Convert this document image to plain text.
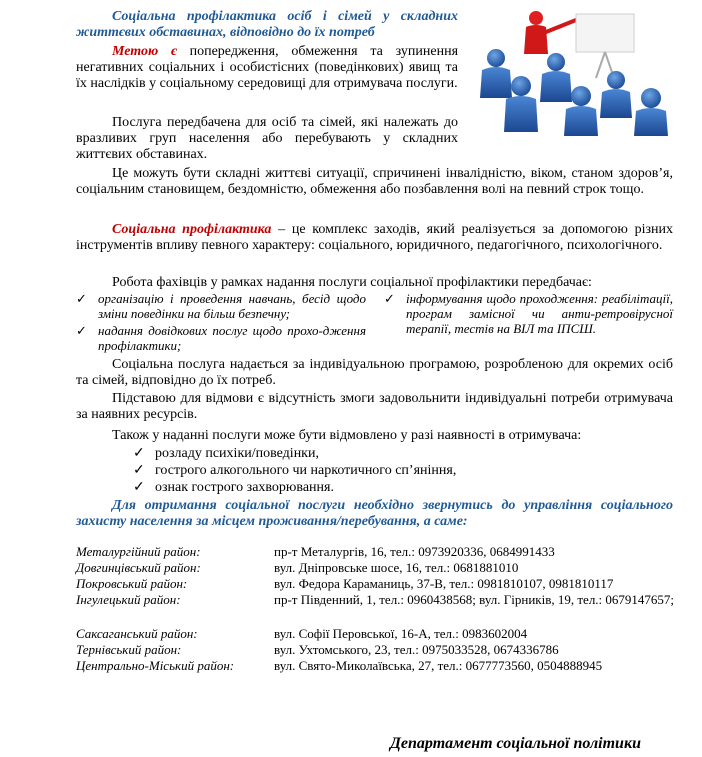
Соціальна профілактика осіб і сімей у складних життєвих обставинах, відповідно до їх потреб

Метою є попередження, обмеження та зупинення негативних соціальних і особистісних (поведінкових) явищ та їх наслідків у соціальному середовищі для отримувача послуги.

Послуга передбачена для осіб та сімей, які належать до вразливих груп населення або перебувають у складних життєвих обставинах.

Це можуть бути складні життєві ситуації, спричинені інвалідністю, віком, станом здоров’я, соціальним становищем, бездомністю, обмеження або позбавлення волі на певний строк тощо.

Соціальна профілактика – це комплекс заходів, який реалізується за допомогою різних інструментів впливу певного характеру: соціального, юридичного, педагогічного, психологічного.

Робота фахівців у рамках надання послуги соціальної профілактики передбачає:

✓ організацію і проведення навчань, бесід щодо зміни поведінки на більш безпечну;
✓ надання довідкових послуг щодо прохо-дження профілактики;
✓ інформування щодо проходження: реабілітації, програм замісної чи анти-ретровірусної терапії, тестів на ВІЛ та ІПСШ.

Соціальна послуга надається за індивідуальною програмою, розробленою для окремих осіб та сімей, відповідно до їх потреб.

Підставою для відмови є відсутність змоги задовольнити індивідуальні потреби отримувача за наявних ресурсів.

Також у наданні послуги може бути відмовлено у разі наявності в отримувача:

✓ розладу психіки/поведінки,
✓ гострого алкогольного чи наркотичного сп’яніння,
✓ ознак гострого захворювання.
Для отримання соціальної послуги необхідно звернутись до управління соціального захисту населення за місцем проживання/перебування, а саме:
Металургійний район:	пр-т Металургів, 16, тел.: 0973920336, 0684991433
Довгинцівський район:	вул. Дніпровське шосе, 16, тел.: 0681881010
Покровський район:	вул. Федора Караманиць, 37-В, тел.: 0981810107, 0981810117
Інгулецький район:	пр-т Південний, 1, тел.: 0960438568; вул. Гірників, 19, тел.: 0679147657;
Саксаганський район:	вул. Софії Перовської, 16-А, тел.: 0983602004
Тернівський район:	вул. Ухтомського, 23, тел.: 0975033528, 0674336786
Центрально-Міський район:	вул. Свято-Миколаївська, 27, тел.: 0677773560, 0504888945
Департамент соціальної політики
